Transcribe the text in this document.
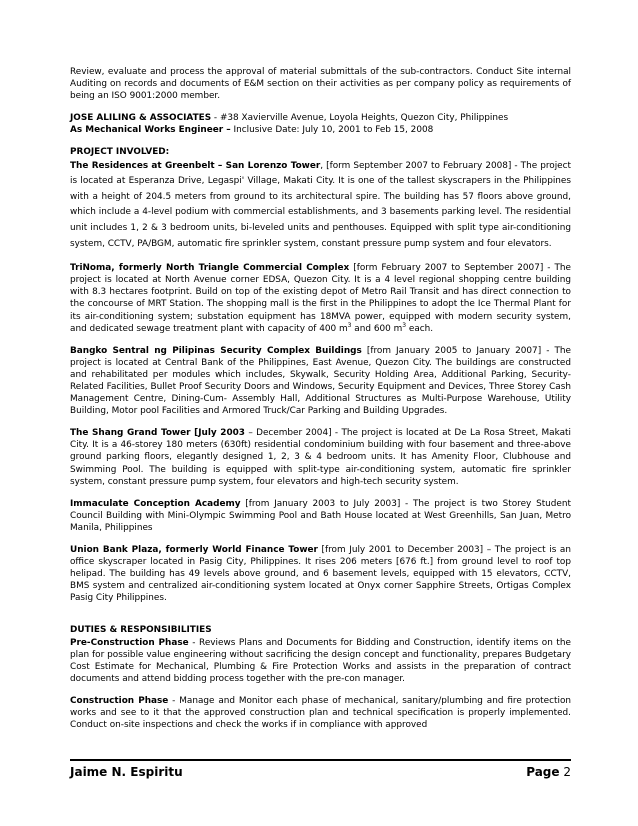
Review, evaluate and process the approval of material submittals of the sub-contractors. Conduct Site internal Auditing on records and documents of E&M section on their activities as per company policy as requirements of being an ISO 9001:2000 member.

JOSE ALILING & ASSOCIATES - #38 Xavierville Avenue, Loyola Heights, Quezon City, Philippines

As Mechanical Works Engineer – Inclusive Date: July 10, 2001 to Feb 15, 2008

PROJECT INVOLVED:

The Residences at Greenbelt – San Lorenzo Tower, [form September 2007 to February 2008] - The project is located at Esperanza Drive, Legaspi' Village, Makati City. It is one of the tallest skyscrapers in the Philippines with a height of 204.5 meters from ground to its architectural spire. The building has 57 floors above ground, which include a 4-level podium with commercial establishments, and 3 basements parking level. The residential unit includes 1, 2 & 3 bedroom units, bi-leveled units and penthouses. Equipped with split type air-conditioning system, CCTV, PA/BGM, automatic fire sprinkler system, constant pressure pump system and four elevators.

TriNoma, formerly North Triangle Commercial Complex [form February 2007 to September 2007] - The project is located at North Avenue corner EDSA, Quezon City. It is a 4 level regional shopping centre building with 8.3 hectares footprint. Build on top of the existing depot of Metro Rail Transit and has direct connection to the concourse of MRT Station. The shopping mall is the first in the Philippines to adopt the Ice Thermal Plant for its air-conditioning system; substation equipment has 18MVA power, equipped with modern security system, and dedicated sewage treatment plant with capacity of 400 $m^3$ and 600 $m^3$ each.

Bangko Sentral ng Pilipinas Security Complex Buildings [from January 2005 to January 2007] - The project is located at Central Bank of the Philippines, East Avenue, Quezon City. The buildings are constructed and rehabilitated per modules which includes, Skywalk, Security Holding Area, Additional Parking, Security-Related Facilities, Bullet Proof Security Doors and Windows, Security Equipment and Devices, Three Storey Cash Management Centre, Dining-Cum- Assembly Hall, Additional Structures as Multi-Purpose Warehouse, Utility Building, Motor pool Facilities and Armored Truck/Car Parking and Building Upgrades.

The Shang Grand Tower [July 2003 – December 2004] - The project is located at De La Rosa Street, Makati City. It is a 46-storey 180 meters (630ft) residential condominium building with four basement and three-above ground parking floors, elegantly designed 1, 2, 3 & 4 bedroom units. It has Amenity Floor, Clubhouse and Swimming Pool. The building is equipped with split-type air-conditioning system, automatic fire sprinkler system, constant pressure pump system, four elevators and high-tech security system.

Immaculate Conception Academy [from January 2003 to July 2003] - The project is two Storey Student Council Building with Mini-Olympic Swimming Pool and Bath House located at West Greenhills, San Juan, Metro Manila, Philippines

Union Bank Plaza, formerly World Finance Tower [from July 2001 to December 2003] – The project is an office skyscraper located in Pasig City, Philippines. It rises 206 meters [676 ft.] from ground level to roof top helipad. The building has 49 levels above ground, and 6 basement levels, equipped with 15 elevators, CCTV, BMS system and centralized air-conditioning system located at Onyx corner Sapphire Streets, Ortigas Complex Pasig City Philippines.

DUTIES & RESPONSIBILITIES

Pre-Construction Phase - Reviews Plans and Documents for Bidding and Construction, identify items on the plan for possible value engineering without sacrificing the design concept and functionality, prepares Budgetary Cost Estimate for Mechanical, Plumbing & Fire Protection Works and assists in the preparation of contract documents and attend bidding process together with the pre-con manager.

Construction Phase - Manage and Monitor each phase of mechanical, sanitary/plumbing and fire protection works and see to it that the approved construction plan and technical specification is properly implemented. Conduct on-site inspections and check the works if in compliance with approved

Jaime N. Espiritu	Page 2
